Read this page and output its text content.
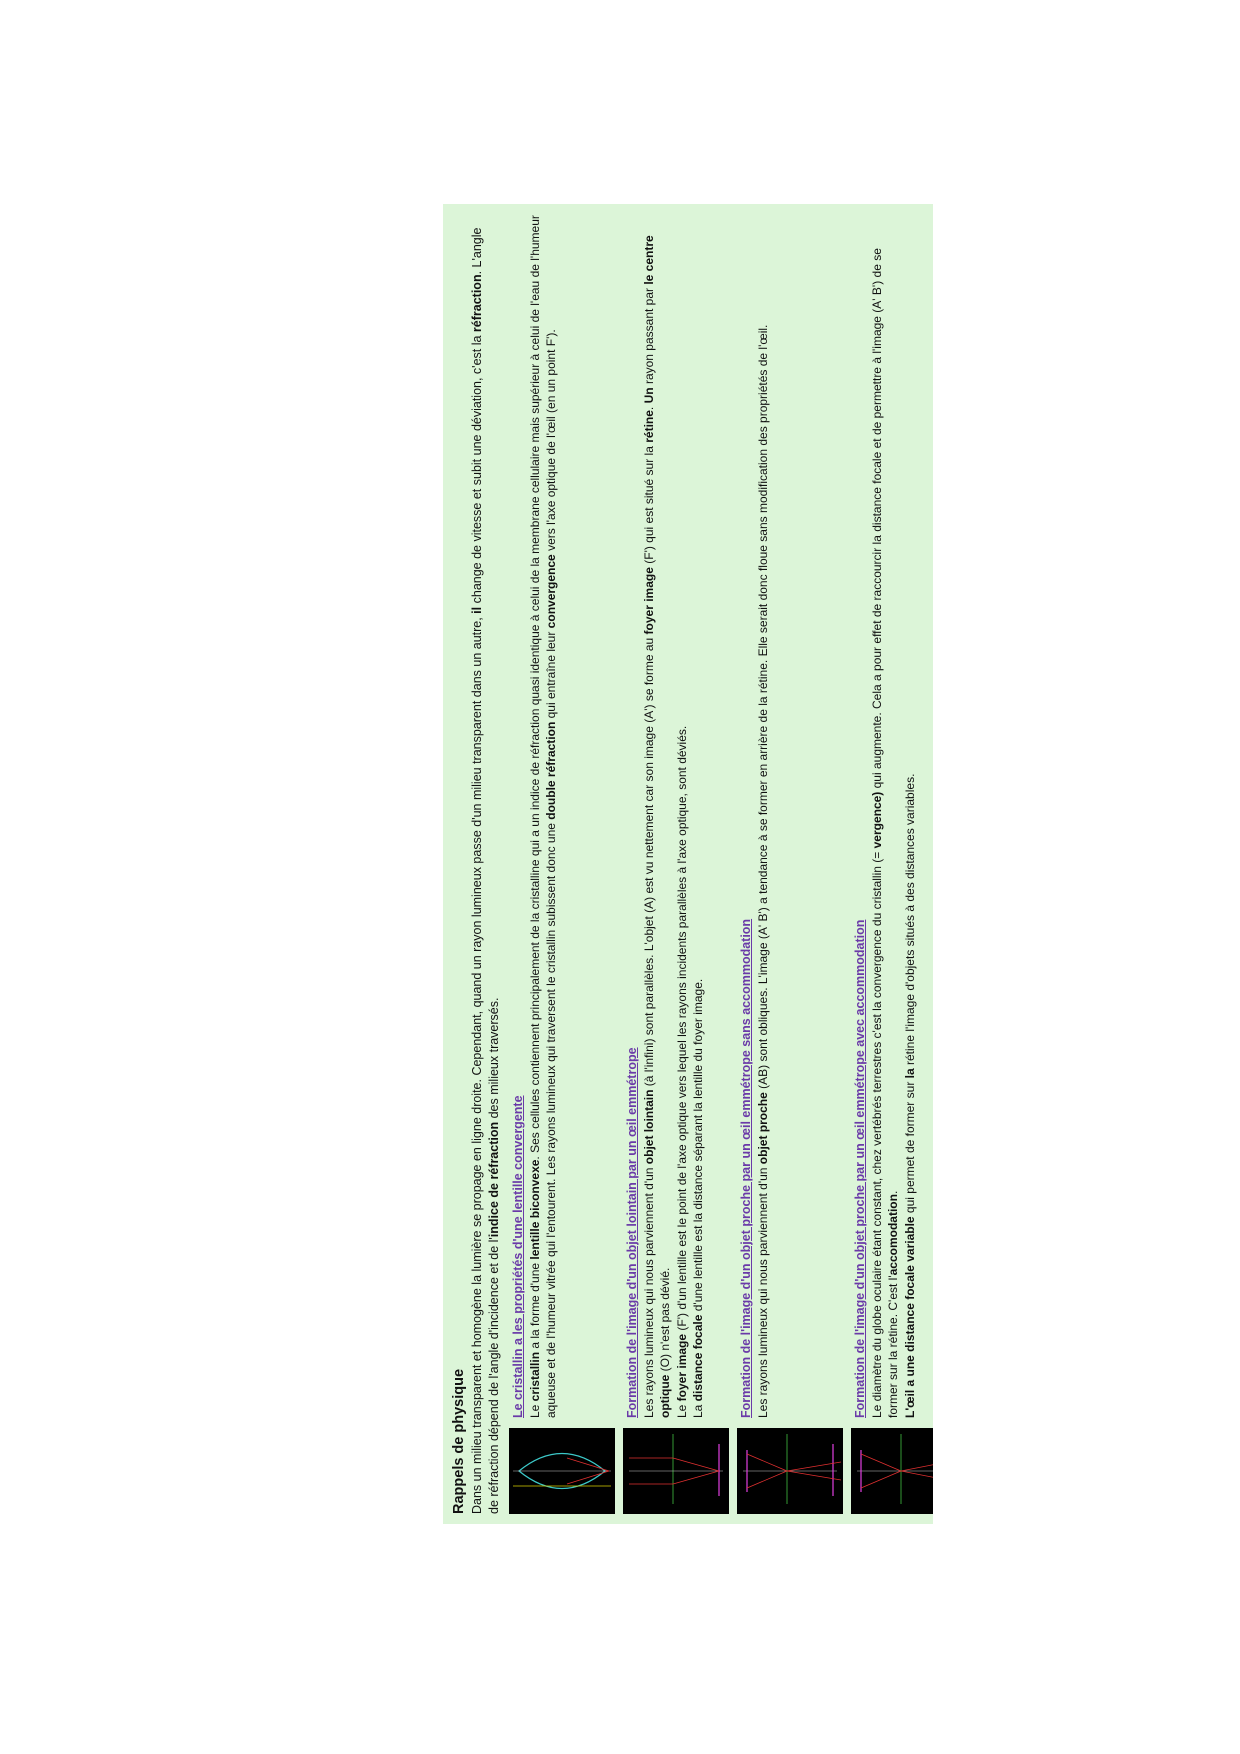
Rappels de physique Dans un milieu transparent et homogène la lumière se propage en ligne droite. Cependant, quand un rayon lumineux passe d'un milieu transparent dans un autre, il change de vitesse et subit une déviation, c'est la réfraction. L'angle de réfraction dépend de l'angle d'incidence et de l'indice de réfraction des milieux traversés.

Le cristallin a les propriétés d'une lentille convergente Le cristallin a la forme d'une lentille biconvexe. Ses cellules contiennent principalement de la cristalline qui a un indice de réfraction quasi identique à celui de la membrane cellulaire mais supérieur à celui de l'eau de l'humeur aqueuse et de l'humeur vitrée qui l'entourent. Les rayons lumineux qui traversent le cristallin subissent donc une double réfraction qui entraîne leur convergence vers l'axe optique de l'œil (en un point F').

Formation de l'image d'un objet lointain par un œil emmétrope Les rayons lumineux qui nous parviennent d'un objet lointain (à l'infini) sont parallèles. L'objet (A) est vu nettement car son image (A') se forme au foyer image (F') qui est situé sur la rétine. Un rayon passant par le centre optique (O) n'est pas dévié.

Le foyer image (F') d'un lentille est le point de l'axe optique vers lequel les rayons incidents parallèles à l'axe optique, sont déviés.

La distance focale d'une lentille est la distance séparant la lentille du foyer image.	Formation de l'image d'un objet proche par un œil emmétrope sans accommodation Les rayons lumineux qui nous parviennent d'un objet proche (AB) sont obliques. L'image (A' B') a tendance à se former en arrière de la rétine. Elle serait donc floue sans modification des propriétés de l'œil.

Formation de l'image d'un objet proche par un œil emmétrope avec accommodation Le diamètre du globe oculaire étant constant, chez vertébrés terrestres c'est la convergence du cristallin (= vergence) qui augmente. Cela a pour effet de raccourcir la distance focale et de permettre à l'image (A' B') de se former sur la rétine. C'est l'accomodation.

L'œil a une distance focale variable qui permet de former sur la rétine l'image d'objets situés à des distances variables.
